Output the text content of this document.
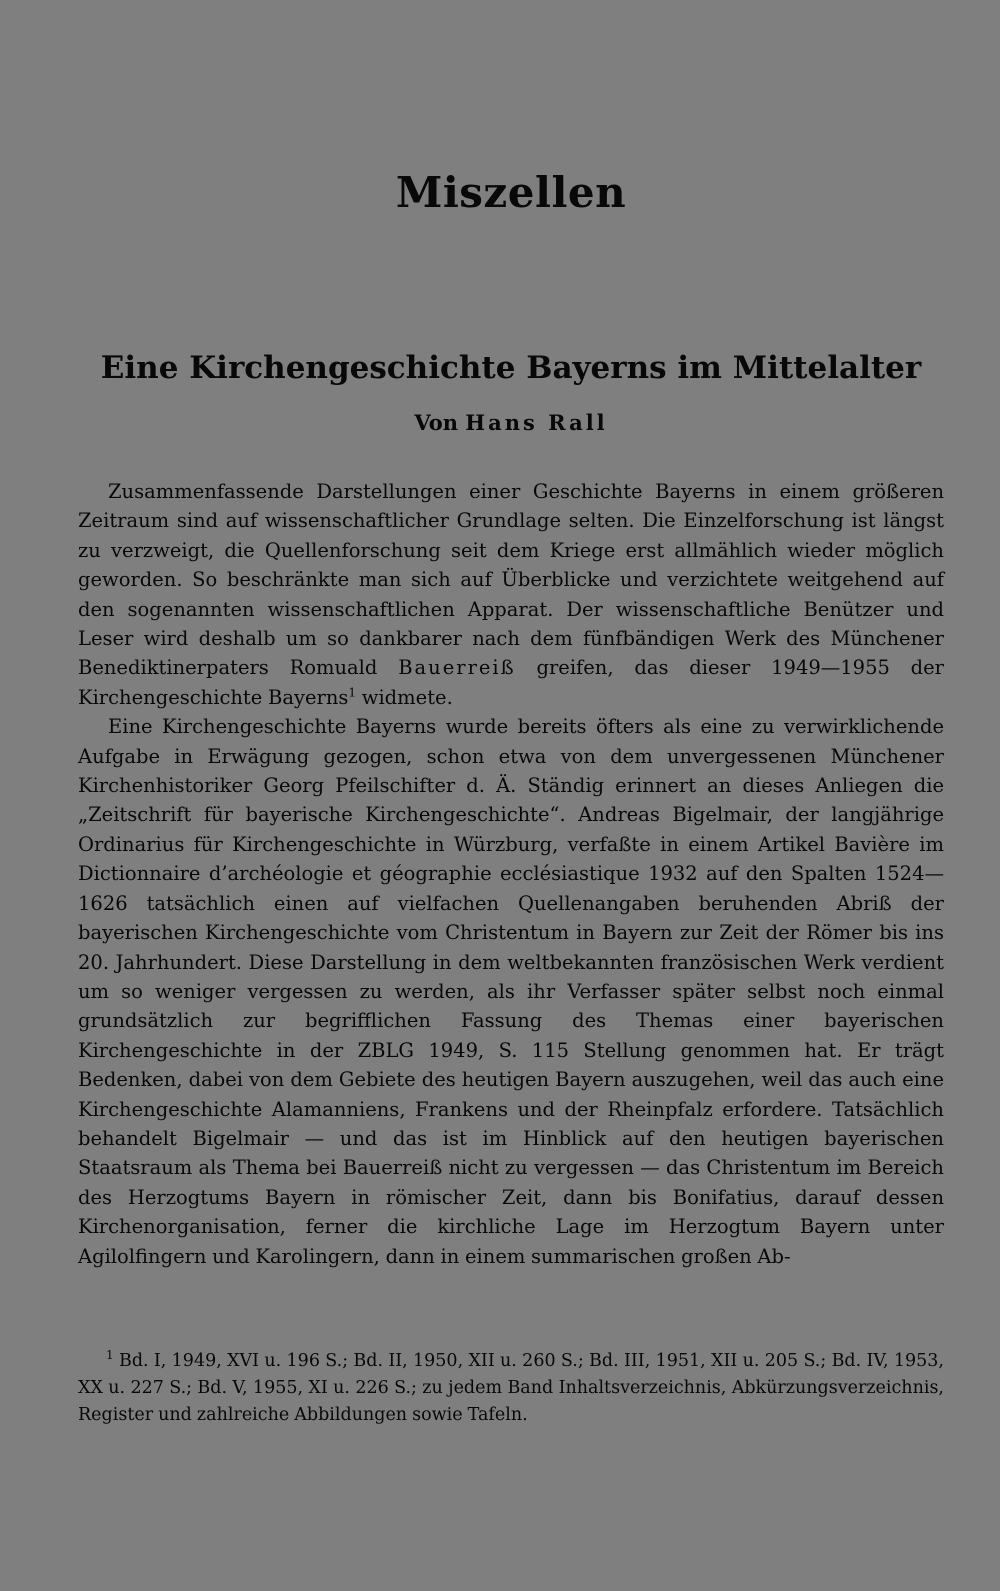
Miszellen
Eine Kirchengeschichte Bayerns im Mittelalter
Von Hans Rall

Zusammenfassende Darstellungen einer Geschichte Bayerns in einem größeren Zeitraum sind auf wissenschaftlicher Grundlage selten. Die Einzelforschung ist längst zu verzweigt, die Quellenforschung seit dem Kriege erst allmählich wieder möglich geworden. So beschränkte man sich auf Überblicke und verzichtete weitgehend auf den sogenannten wissenschaftlichen Apparat. Der wissenschaftliche Benützer und Leser wird deshalb um so dankbarer nach dem fünfbändigen Werk des Münchener Benediktinerpaters Romuald Bauerreiß greifen, das dieser 1949—1955 der Kirchengeschichte Bayerns$^1$ widmete.

Eine Kirchengeschichte Bayerns wurde bereits öfters als eine zu verwirklichende Aufgabe in Erwägung gezogen, schon etwa von dem unvergessenen Münchener Kirchenhistoriker Georg Pfeilschifter d. Ä. Ständig erinnert an dieses Anliegen die „Zeitschrift für bayerische Kirchengeschichte“. Andreas Bigelmair, der langjährige Ordinarius für Kirchengeschichte in Würzburg, verfaßte in einem Artikel Bavière im Dictionnaire d’archéologie et géographie ecclésiastique 1932 auf den Spalten 1524—1626 tatsächlich einen auf vielfachen Quellenangaben beruhenden Abriß der bayerischen Kirchengeschichte vom Christentum in Bayern zur Zeit der Römer bis ins 20. Jahrhundert. Diese Darstellung in dem weltbekannten französischen Werk verdient um so weniger vergessen zu werden, als ihr Verfasser später selbst noch einmal grundsätzlich zur begrifflichen Fassung des Themas einer bayerischen Kirchengeschichte in der ZBLG 1949, S. 115 Stellung genommen hat. Er trägt Bedenken, dabei von dem Gebiete des heutigen Bayern auszugehen, weil das auch eine Kirchengeschichte Alamanniens, Frankens und der Rheinpfalz erfordere. Tatsächlich behandelt Bigelmair — und das ist im Hinblick auf den heutigen bayerischen Staatsraum als Thema bei Bauerreiß nicht zu vergessen — das Christentum im Bereich des Herzogtums Bayern in römischer Zeit, dann bis Bonifatius, darauf dessen Kirchenorganisation, ferner die kirchliche Lage im Herzogtum Bayern unter Agilolfingern und Karolingern, dann in einem summarischen großen Ab-

$^1$ Bd. I, 1949, XVI u. 196 S.; Bd. II, 1950, XII u. 260 S.; Bd. III, 1951, XII u. 205 S.; Bd. IV, 1953, XX u. 227 S.; Bd. V, 1955, XI u. 226 S.; zu jedem Band Inhaltsverzeichnis, Abkürzungsverzeichnis, Register und zahlreiche Abbildungen sowie Tafeln.
